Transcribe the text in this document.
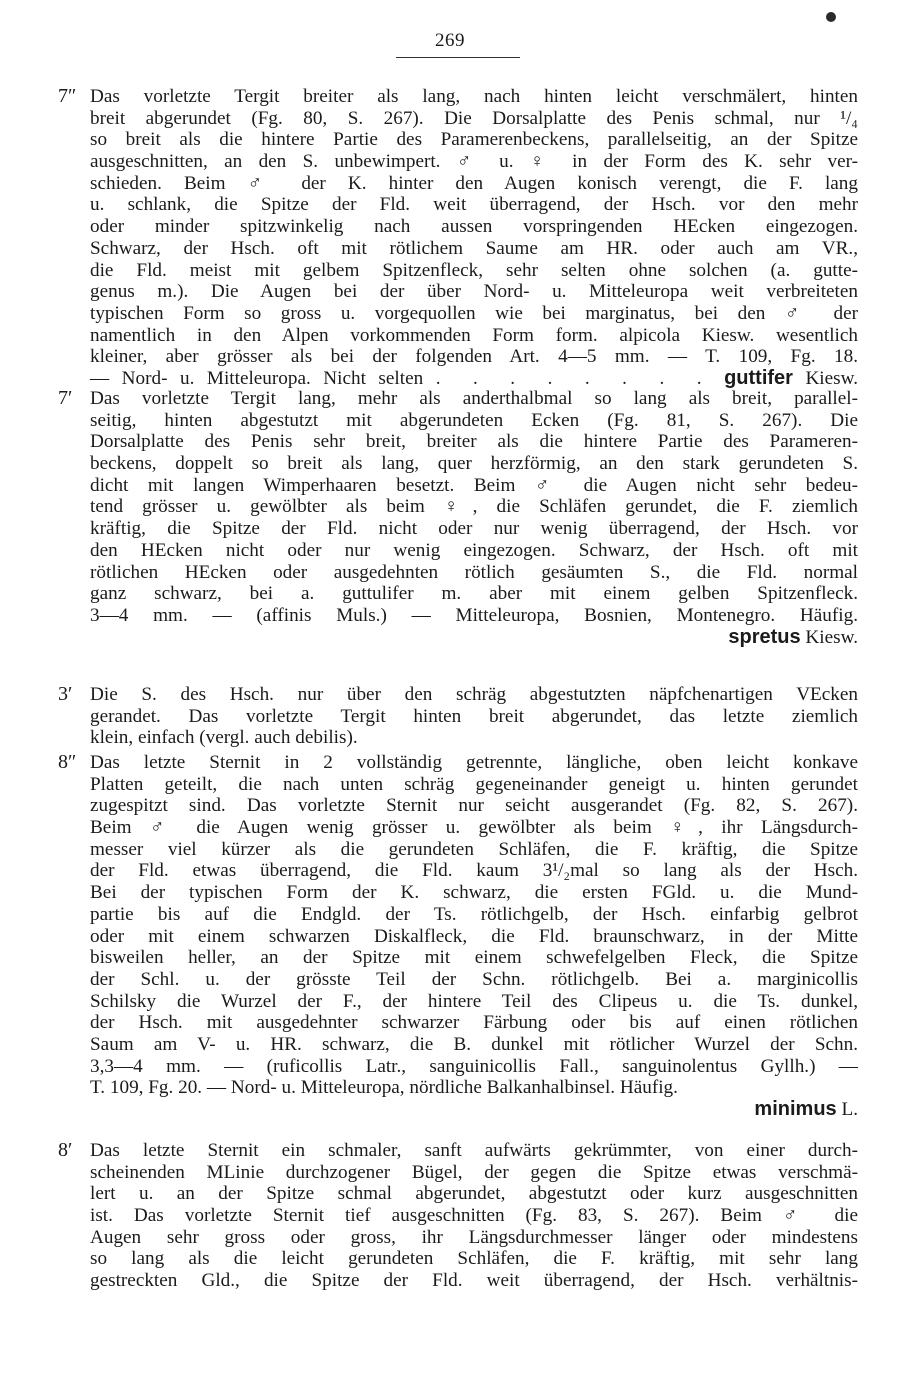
269
7″ Das vorletzte Tergit breiter als lang, nach hinten leicht verschmälert, hinten
breit abgerundet (Fg. 80, S. 267). Die Dorsalplatte des Penis schmal, nur ¹/₄
so breit als die hintere Partie des Paramerenbeckens, parallelseitig, an der Spitze
ausgeschnitten, an den S. unbewimpert. ♂ u. ♀ in der Form des K. sehr ver-
schieden. Beim ♂ der K. hinter den Augen konisch verengt, die F. lang
u. schlank, die Spitze der Fld. weit überragend, der Hsch. vor den mehr
oder minder spitzwinkelig nach aussen vorspringenden HEcken eingezogen.
Schwarz, der Hsch. oft mit rötlichem Saume am HR. oder auch am VR.,
die Fld. meist mit gelbem Spitzenfleck, sehr selten ohne solchen (a. gutte-
genus m.). Die Augen bei der über Nord- u. Mitteleuropa weit verbreiteten
typischen Form so gross u. vorgequollen wie bei marginatus, bei den ♂ der
namentlich in den Alpen vorkommenden Form form. alpicola Kiesw. wesentlich
kleiner, aber grösser als bei der folgenden Art. 4—5 mm. — T. 109, Fg. 18.
— Nord- u. Mitteleuropa. Nicht selten . . . . . . . . guttifer Kiesw.
7′ Das vorletzte Tergit lang, mehr als anderthalbmal so lang als breit, parallel-
seitig, hinten abgestutzt mit abgerundeten Ecken (Fg. 81, S. 267). Die
Dorsalplatte des Penis sehr breit, breiter als die hintere Partie des Parameren-
beckens, doppelt so breit als lang, quer herzförmig, an den stark gerundeten S.
dicht mit langen Wimperhaaren besetzt. Beim ♂ die Augen nicht sehr bedeu-
tend grösser u. gewölbter als beim ♀, die Schläfen gerundet, die F. ziemlich
kräftig, die Spitze der Fld. nicht oder nur wenig überragend, der Hsch. vor
den HEcken nicht oder nur wenig eingezogen. Schwarz, der Hsch. oft mit
rötlichen HEcken oder ausgedehnten rötlich gesäumten S., die Fld. normal
ganz schwarz, bei a. guttulifer m. aber mit einem gelben Spitzenfleck.
3—4 mm. — (affinis Muls.) — Mitteleuropa, Bosnien, Montenegro. Häufig.
spretus Kiesw.
3′ Die S. des Hsch. nur über den schräg abgestutzten näpfchenartigen VEcken
gerandet. Das vorletzte Tergit hinten breit abgerundet, das letzte ziemlich
klein, einfach (vergl. auch debilis).
8″ Das letzte Sternit in 2 vollständig getrennte, längliche, oben leicht konkave
Platten geteilt, die nach unten schräg gegeneinander geneigt u. hinten gerundet
zugespitzt sind. Das vorletzte Sternit nur seicht ausgerandet (Fg. 82, S. 267).
Beim ♂ die Augen wenig grösser u. gewölbter als beim ♀, ihr Längsdurch-
messer viel kürzer als die gerundeten Schläfen, die F. kräftig, die Spitze
der Fld. etwas überragend, die Fld. kaum 3¹/₂mal so lang als der Hsch.
Bei der typischen Form der K. schwarz, die ersten FGld. u. die Mund-
partie bis auf die Endgld. der Ts. rötlichgelb, der Hsch. einfarbig gelbrot
oder mit einem schwarzen Diskalfleck, die Fld. braunschwarz, in der Mitte
bisweilen heller, an der Spitze mit einem schwefelgelben Fleck, die Spitze
der Schl. u. der grösste Teil der Schn. rötlichgelb. Bei a. marginicollis
Schilsky die Wurzel der F., der hintere Teil des Clipeus u. die Ts. dunkel,
der Hsch. mit ausgedehnter schwarzer Färbung oder bis auf einen rötlichen
Saum am V- u. HR. schwarz, die B. dunkel mit rötlicher Wurzel der Schn.
3,3—4 mm. — (ruficollis Latr., sanguinicollis Fall., sanguinolentus Gyllh.) —
T. 109, Fg. 20. — Nord- u. Mitteleuropa, nördliche Balkanhalbinsel. Häufig.
minimus L.
8′ Das letzte Sternit ein schmaler, sanft aufwärts gekrümmter, von einer durch-
scheinenden MLinie durchzogener Bügel, der gegen die Spitze etwas verschmä-
lert u. an der Spitze schmal abgerundet, abgestutzt oder kurz ausgeschnitten
ist. Das vorletzte Sternit tief ausgeschnitten (Fg. 83, S. 267). Beim ♂ die
Augen sehr gross oder gross, ihr Längsdurchmesser länger oder mindestens
so lang als die leicht gerundeten Schläfen, die F. kräftig, mit sehr lang
gestreckten Gld., die Spitze der Fld. weit überragend, der Hsch. verhältnis-
